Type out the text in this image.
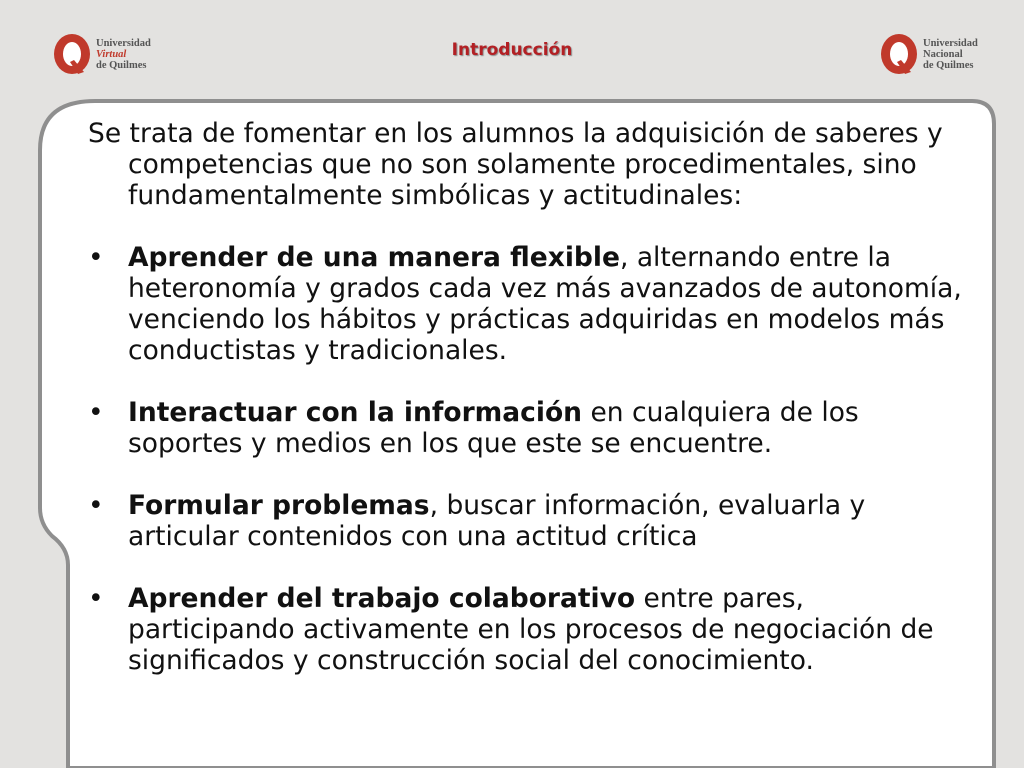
Universidad
Virtual
de Quilmes
Introducción	Universidad
Nacional
de Quilmes

Se trata de fomentar en los alumnos la adquisición de saberes y competencias que no son solamente procedimentales, sino fundamentalmente simbólicas y actitudinales:

• Aprender de una manera flexible, alternando entre la heteronomía y grados cada vez más avanzados de autonomía, venciendo los hábitos y prácticas adquiridas en modelos más conductistas y tradicionales.

• Interactuar con la información en cualquiera de los soportes y medios en los que este se encuentre.

• Formular problemas, buscar información, evaluarla y articular contenidos con una actitud crítica

• Aprender del trabajo colaborativo entre pares, participando activamente en los procesos de negociación de significados y construcción social del conocimiento.
